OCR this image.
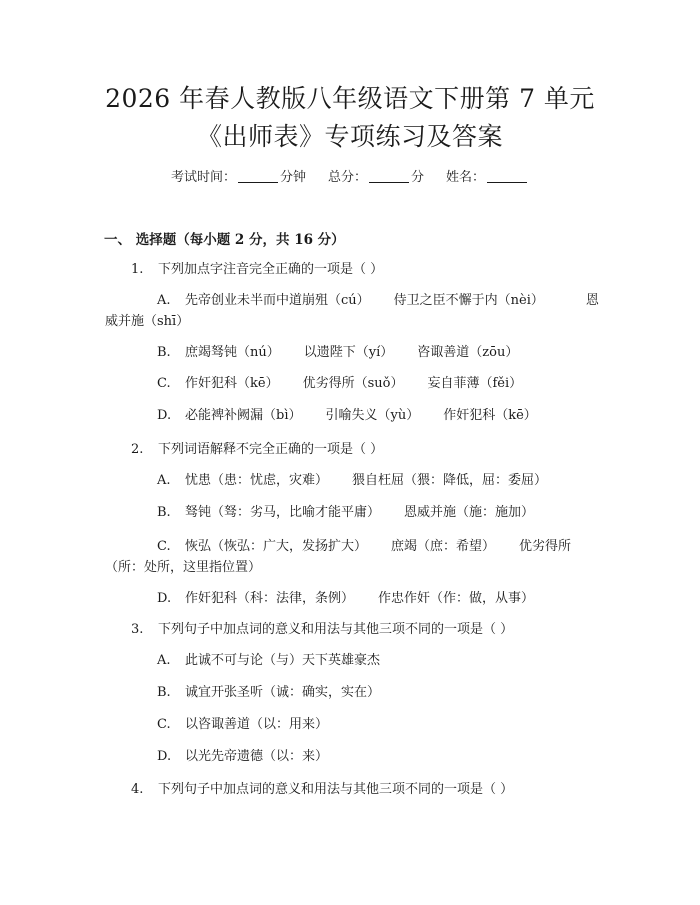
2026 年春人教版八年级语文下册第 7 单元
《出师表》专项练习及答案
考试时间：	分钟 总分：	分 姓名：
一、 选择题（每小题 2 分，共 16 分）
1. 下列加点字注音完全正确的一项是（ ）
A. 先帝创业未半而中道崩殂（cú） 侍卫之臣不懈于内（nèi）	恩
威并施（shī）
B. 庶竭驽钝（nú） 以遗陛下（yí） 咨诹善道（zōu）
C. 作奸犯科（kē） 优劣得所（suǒ） 妄自菲薄（fěi）
D. 必能裨补阙漏（bì） 引喻失义（yù） 作奸犯科（kē）
2. 下列词语解释不完全正确的一项是（ ）
A. 忧患（患：忧虑，灾难） 猥自枉屈（猥：降低，屈：委屈）
B. 驽钝（驽：劣马，比喻才能平庸） 恩威并施（施：施加）
C. 恢弘（恢弘：广大，发扬扩大） 庶竭（庶：希望） 优劣得所
（所：处所，这里指位置）
D. 作奸犯科（科：法律，条例） 作忠作奸（作：做，从事）
3. 下列句子中加点词的意义和用法与其他三项不同的一项是（ ）
A. 此诚不可与论（与）天下英雄豪杰
B. 诚宜开张圣听（诚：确实，实在）
C. 以咨诹善道（以：用来）
D. 以光先帝遗德（以：来）
4. 下列句子中加点词的意义和用法与其他三项不同的一项是（ ）
